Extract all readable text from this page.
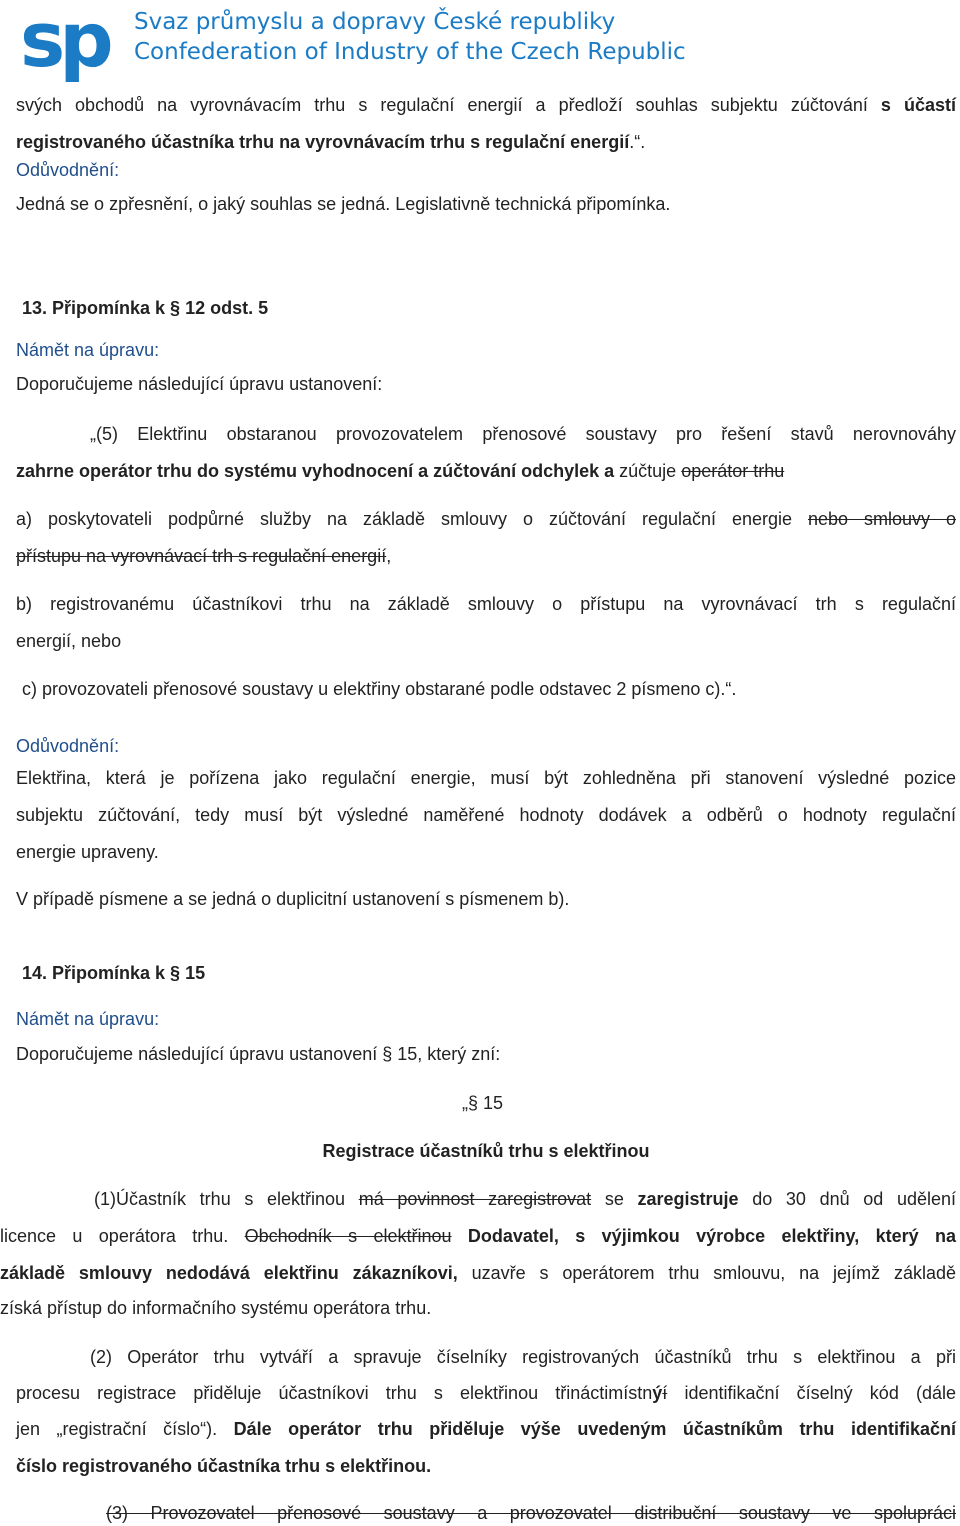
sp Svaz průmyslu a dopravy České republiky
Confederation of Industry of the Czech Republic
svých obchodů na vyrovnávacím trhu s regulační energií a předloží souhlas subjektu zúčtování s účastí
registrovaného účastníka trhu na vyrovnávacím trhu s regulační energií.“.
Odůvodnění:
Jedná se o zpřesnění, o jaký souhlas se jedná. Legislativně technická připomínka.
13. Připomínka k § 12 odst. 5
Námět na úpravu:
Doporučujeme následující úpravu ustanovení:
„(5) Elektřinu obstaranou provozovatelem přenosové soustavy pro řešení stavů nerovnováhy
zahrne operátor trhu do systému vyhodnocení a zúčtování odchylek a zúčtuje operátor trhu
a) poskytovateli podpůrné služby na základě smlouvy o zúčtování regulační energie nebo smlouvy o
přístupu na vyrovnávací trh s regulační energií,
b) registrovanému účastníkovi trhu na základě smlouvy o přístupu na vyrovnávací trh s regulační
energií, nebo
c) provozovateli přenosové soustavy u elektřiny obstarané podle odstavec 2 písmeno c).“.
Odůvodnění:
Elektřina, která je pořízena jako regulační energie, musí být zohledněna při stanovení výsledné pozice
subjektu zúčtování, tedy musí být výsledné naměřené hodnoty dodávek a odběrů o hodnoty regulační
energie upraveny.
V případě písmene a se jedná o duplicitní ustanovení s písmenem b).
14. Připomínka k § 15
Námět na úpravu:
Doporučujeme následující úpravu ustanovení § 15, který zní:
„§ 15
Registrace účastníků trhu s elektřinou
(1)Účastník trhu s elektřinou má povinnost zaregistrovat se zaregistruje do 30 dnů od udělení
licence u operátora trhu. Obchodník s elektřinou Dodavatel, s výjimkou výrobce elektřiny, který na
základě smlouvy nedodává elektřinu zákazníkovi, uzavře s operátorem trhu smlouvu, na jejímž základě
získá přístup do informačního systému operátora trhu.
(2) Operátor trhu vytváří a spravuje číselníky registrovaných účastníků trhu s elektřinou a při
procesu registrace přiděluje účastníkovi trhu s elektřinou třináctimístnýí identifikační číselný kód (dále
jen „registrační číslo“). Dále operátor trhu přiděluje výše uvedeným účastníkům trhu identifikační
číslo registrovaného účastníka trhu s elektřinou.
(3) Provozovatel přenosové soustavy a provozovatel distribuční soustavy ve spolupráci
